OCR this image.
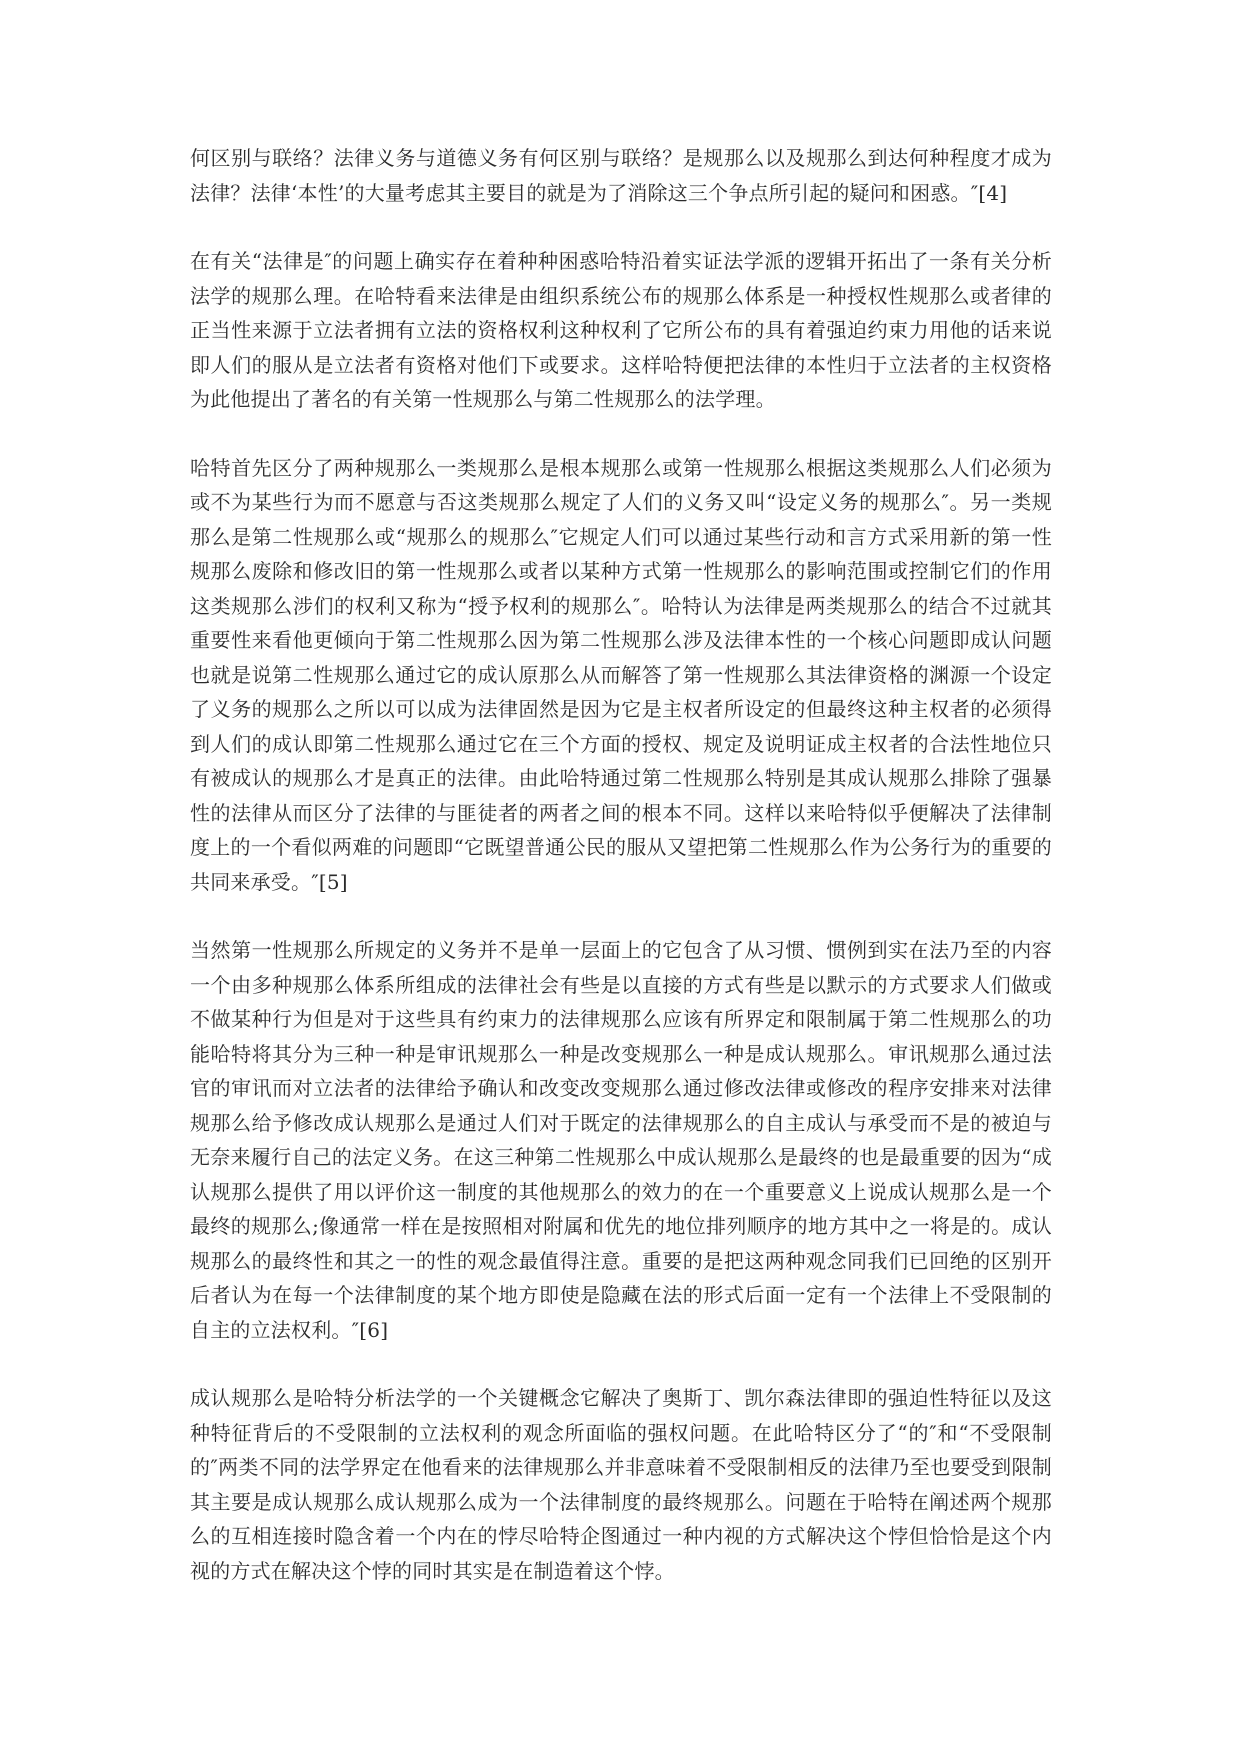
何区别与联络？法律义务与道德义务有何区别与联络？是规那么以及规那么到达何种程度才成为法律？法律‘本性’的大量考虑其主要目的就是为了消除这三个争点所引起的疑问和困惑。″[4]

在有关“法律是″的问题上确实存在着种种困惑哈特沿着实证法学派的逻辑开拓出了一条有关分析法学的规那么理。在哈特看来法律是由组织系统公布的规那么体系是一种授权性规那么或者律的正当性来源于立法者拥有立法的资格权利这种权利了它所公布的具有着强迫约束力用他的话来说即人们的服从是立法者有资格对他们下或要求。这样哈特便把法律的本性归于立法者的主权资格为此他提出了著名的有关第一性规那么与第二性规那么的法学理。

哈特首先区分了两种规那么一类规那么是根本规那么或第一性规那么根据这类规那么人们必须为或不为某些行为而不愿意与否这类规那么规定了人们的义务又叫“设定义务的规那么″。另一类规那么是第二性规那么或“规那么的规那么″它规定人们可以通过某些行动和言方式采用新的第一性规那么废除和修改旧的第一性规那么或者以某种方式第一性规那么的影响范围或控制它们的作用这类规那么涉们的权利又称为“授予权利的规那么″。哈特认为法律是两类规那么的结合不过就其重要性来看他更倾向于第二性规那么因为第二性规那么涉及法律本性的一个核心问题即成认问题也就是说第二性规那么通过它的成认原那么从而解答了第一性规那么其法律资格的渊源一个设定了义务的规那么之所以可以成为法律固然是因为它是主权者所设定的但最终这种主权者的必须得到人们的成认即第二性规那么通过它在三个方面的授权、规定及说明证成主权者的合法性地位只有被成认的规那么才是真正的法律。由此哈特通过第二性规那么特别是其成认规那么排除了强暴性的法律从而区分了法律的与匪徒者的两者之间的根本不同。这样以来哈特似乎便解决了法律制度上的一个看似两难的问题即“它既望普通公民的服从又望把第二性规那么作为公务行为的重要的共同来承受。″[5]

当然第一性规那么所规定的义务并不是单一层面上的它包含了从习惯、惯例到实在法乃至的内容一个由多种规那么体系所组成的法律社会有些是以直接的方式有些是以默示的方式要求人们做或不做某种行为但是对于这些具有约束力的法律规那么应该有所界定和限制属于第二性规那么的功能哈特将其分为三种一种是审讯规那么一种是改变规那么一种是成认规那么。审讯规那么通过法官的审讯而对立法者的法律给予确认和改变改变规那么通过修改法律或修改的程序安排来对法律规那么给予修改成认规那么是通过人们对于既定的法律规那么的自主成认与承受而不是的被迫与无奈来履行自己的法定义务。在这三种第二性规那么中成认规那么是最终的也是最重要的因为“成认规那么提供了用以评价这一制度的其他规那么的效力的在一个重要意义上说成认规那么是一个最终的规那么;像通常一样在是按照相对附属和优先的地位排列顺序的地方其中之一将是的。成认规那么的最终性和其之一的性的观念最值得注意。重要的是把这两种观念同我们已回绝的区别开后者认为在每一个法律制度的某个地方即使是隐藏在法的形式后面一定有一个法律上不受限制的自主的立法权利。″[6]

成认规那么是哈特分析法学的一个关键概念它解决了奥斯丁、凯尔森法律即的强迫性特征以及这种特征背后的不受限制的立法权利的观念所面临的强权问题。在此哈特区分了“的″和“不受限制的″两类不同的法学界定在他看来的法律规那么并非意味着不受限制相反的法律乃至也要受到限制其主要是成认规那么成认规那么成为一个法律制度的最终规那么。问题在于哈特在阐述两个规那么的互相连接时隐含着一个内在的悖尽哈特企图通过一种内视的方式解决这个悖但恰恰是这个内视的方式在解决这个悖的同时其实是在制造着这个悖。
